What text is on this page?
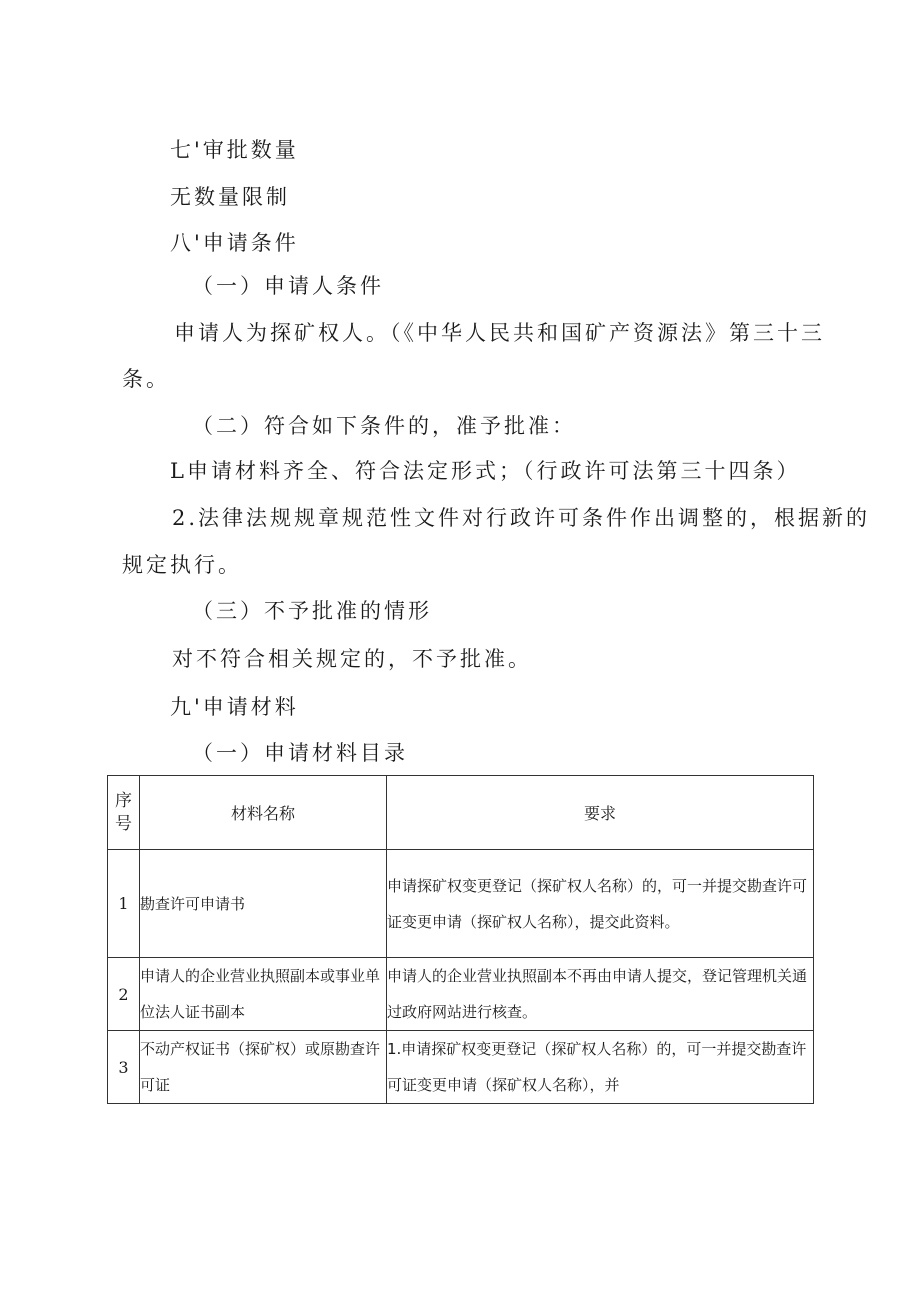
七'审批数量
无数量限制
八'申请条件
（一）申请人条件
申请人为探矿权人。（《中华人民共和国矿产资源法》第三十三
条。
（二）符合如下条件的，准予批准：
L申请材料齐全、符合法定形式；（行政许可法第三十四条）
2.法律法规规章规范性文件对行政许可条件作出调整的，根据新的
规定执行。
（三）不予批准的情形
对不符合相关规定的，不予批准。
九'申请材料
（一）申请材料目录
序号	材料名称	要求
1	勘查许可申请书	申请探矿权变更登记（探矿权人名称）的，可一并提交勘查许可证变更申请（探矿权人名称），提交此资料。
2	申请人的企业营业执照副本或事业单位法人证书副本	申请人的企业营业执照副本不再由申请人提交，登记管理机关通过政府网站进行核查。
3	不动产权证书（探矿权）或原勘查许可证	1.申请探矿权变更登记（探矿权人名称）的，可一并提交勘查许可证变更申请（探矿权人名称），并
